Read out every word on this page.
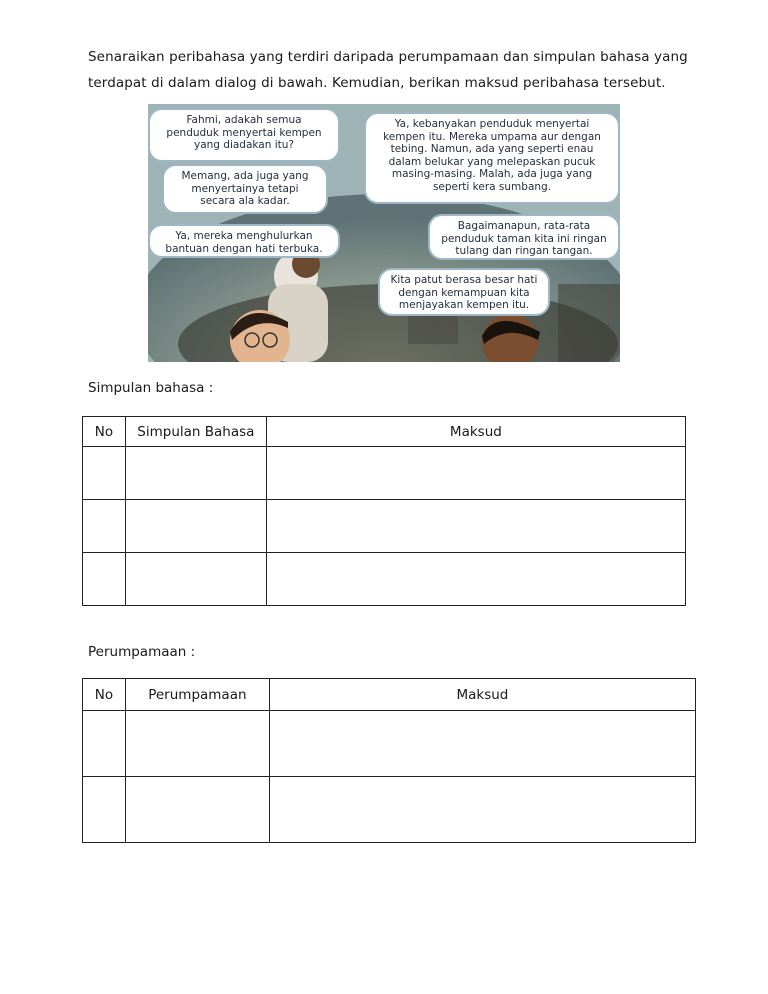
Senaraikan peribahasa yang terdiri daripada perumpamaan dan simpulan bahasa yang

terdapat di dalam dialog di bawah. Kemudian, berikan maksud peribahasa tersebut.

Fahmi, adakah semua
penduduk menyertai kempen
yang diadakan itu?
Memang, ada juga yang
menyertainya tetapi
secara ala kadar.
Ya, mereka menghulurkan
bantuan dengan hati terbuka.
Ya, kebanyakan penduduk menyertai
kempen itu. Mereka umpama aur dengan
tebing. Namun, ada yang seperti enau
dalam belukar yang melepaskan pucuk
masing-masing. Malah, ada juga yang
seperti kera sumbang.
Bagaimanapun, rata-rata
penduduk taman kita ini ringan
tulang dan ringan tangan.
Kita patut berasa besar hati
dengan kemampuan kita
menjayakan kempen itu.
Simpulan bahasa :
No	Simpulan Bahasa	Maksud

Perumpamaan :
No	Perumpamaan	Maksud
